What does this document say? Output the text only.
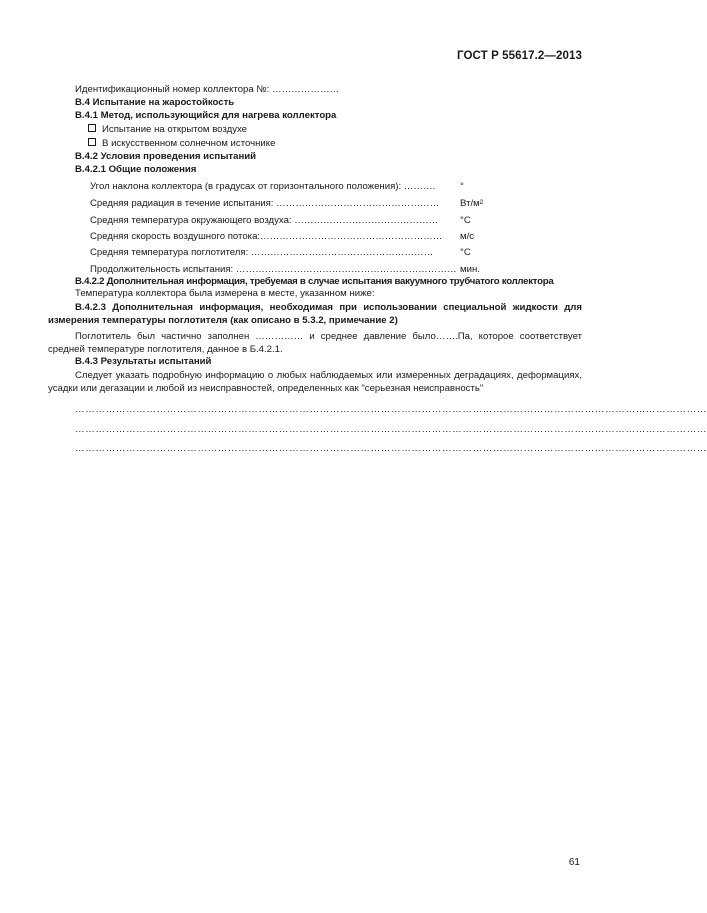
ГОСТ Р 55617.2—2013
Идентификационный номер коллектора №: …………………
В.4 Испытание на жаростойкость
В.4.1 Метод, использующийся для нагрева коллектора
Испытание на открытом воздухе
В искусственном солнечном источнике
В.4.2 Условия проведения испытаний
В.4.2.1 Общие положения
Угол наклона коллектора (в градусах от горизонтального положения): ……….	°
Средняя радиация в течение испытания: …………………………………………… Вт/м²
Средняя температура окружающего воздуха: ……………………………………… °С
Средняя скорость воздушного потока:………………………………………………… м/с
Средняя температура поглотителя: …………………………………………………	°С
Продолжительность испытания: …………………………………………………………… мин.
В.4.2.2 Дополнительная информация, требуемая в случае испытания вакуумного трубчатого коллектора
Температура коллектора была измерена в месте, указанном ниже:
В.4.2.3 Дополнительная информация, необходимая при использовании специальной жидкости для измерения температуры поглотителя (как описано в 5.3.2, примечание 2)
Поглотитель был частично заполнен …………… и среднее давление было…….Па, которое соответствует средней температуре поглотителя, данное в Б.4.2.1.
В.4.3 Результаты испытаний
Следует указать подробную информацию о любых наблюдаемых или измеренных деградациях, деформациях, усадки или дегазации и любой из неисправностей, определенных как "серьезная неисправность"
……………………………………………………………………………………………………………………………………………………………………
……………………………………………………………………………………………………………………………………………………………………
……………………………………………………………………………………………………………………………………………………………………
61
